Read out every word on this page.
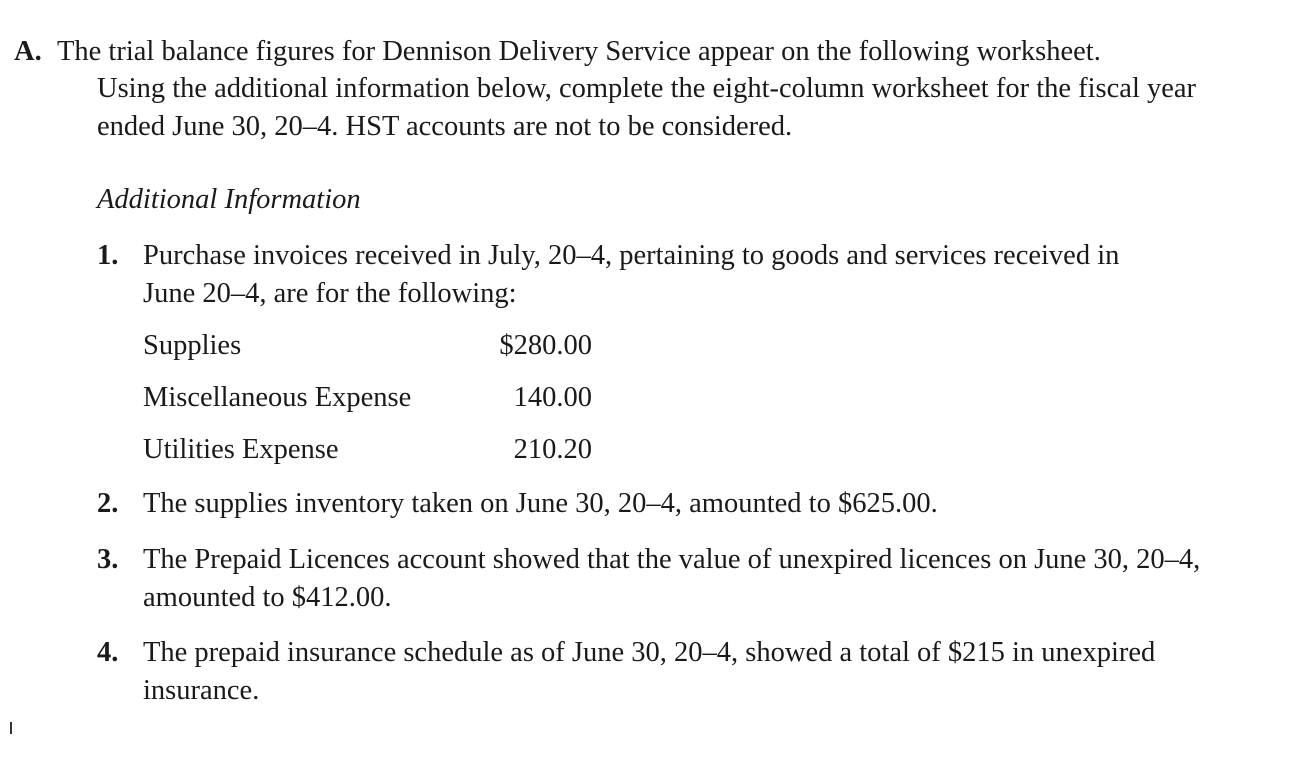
A. The trial balance figures for Dennison Delivery Service appear on the following worksheet.
Using the additional information below, complete the eight-column worksheet for the fiscal year
ended June 30, 20–4. HST accounts are not to be considered.
Additional Information
1. Purchase invoices received in July, 20–4, pertaining to goods and services received in
June 20–4, are for the following:
Supplies	$280.00
Miscellaneous Expense	140.00
Utilities Expense	210.20
2. The supplies inventory taken on June 30, 20–4, amounted to $625.00.
3. The Prepaid Licences account showed that the value of unexpired licences on June 30, 20–4,
amounted to $412.00.
4. The prepaid insurance schedule as of June 30, 20–4, showed a total of $215 in unexpired
insurance.
